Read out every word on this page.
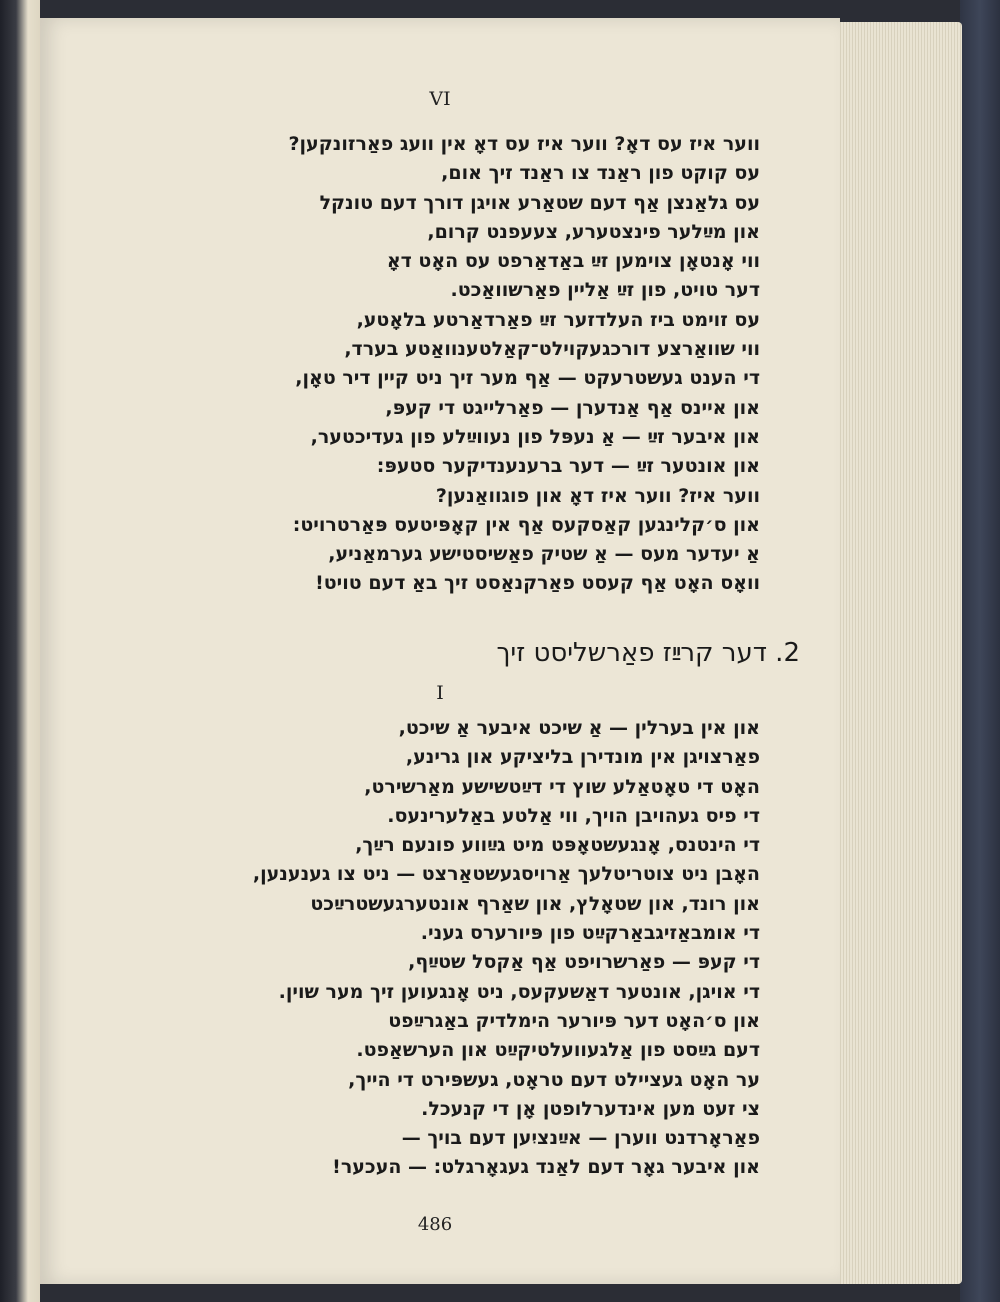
VI
ווער איז עס דאָ? ווער איז עס דאָ אין וועג פאַרזונקען?
עס קוקט פון ראַנד צו ראַנד זיך אום,
עס גלאַנצן אַף דעם שטאַרע אויגן דורך דעם טונקל
און מײַלער פינצטערע, צעעפנט קרום,
ווי אָנטאָן צוימען זײַ באַדאַרפט עס האָט דאָ
דער טויט, פון זײַ אַליין פאַרשוואַכט.
עס זוימט ביז העלדזער זײַ פאַרדאַרטע בלאָטע,
ווי שוואַרצע דורכגעקוילט־קאַלטענוואַטע בערד,
די הענט געשטרעקט — אַף מער זיך ניט קיין דיר טאָן,
און איינס אַף אַנדערן — פאַרלייגט די קעפּ,
און איבער זײַ — אַ נעפּל פון נעווײַלע פון געדיכטער,
און אונטער זײַ — דער ברענענדיקער סטעפּ:
ווער איז? ווער איז דאָ און פוגוואַנען?
און ס׳קלינגען קאַסקעס אַף אין קאָפּיטעס פּאַרטרויט:
אַ יעדער מעס — אַ שטיק פאַשיסטישע גערמאַניע,
וואָס האָט אַף קעסט פאַרקנאַסט זיך באַ דעם טויט!
2. דער קרײַז פאַרשליסט זיך
I
און אין בערלין — אַ שיכט איבער אַ שיכט,
פאַרצויגן אין מונדירן בליציקע און גרינע,
האָט די טאָטאַלע שוץ די דײַטשישע מאַרשירט,
די פיס געהויבן הויך, ווי אַלטע באַלערינעס.
די הינטנס, אָנגעשטאָפּט מיט גײַווע פונעם רײַך,
האָבן ניט צוטריטלעך אַרויסגעשטאַרצט — ניט צו גענענען,
און רונד, און שטאָלץ, און שאַרף אונטערגעשטרײַכט
די אומבאַזיגבאַרקײַט פון פּיורערס געני.
די קעפּ — פאַרשרויפט אַף אַקסל שטײַף,
די אויגן, אונטער דאַשעקעס, ניט אָנגעוען זיך מער שוין.
און ס׳האָט דער פּיורער הימלדיק באַגרײַפט
דעם גײַסט פון אַלגעוועלטיקײַט און הערשאַפט.
ער האָט געציילט דעם טראָט, געשפּירט די הייך,
צי זעט מען אינדערלופטן אָן די קנעכל.
פאַראָרדנט ווערן — אײַנציִען דעם בויך —
און איבער גאָר דעם לאַנד געגאָרגלט: — העכער!
486
